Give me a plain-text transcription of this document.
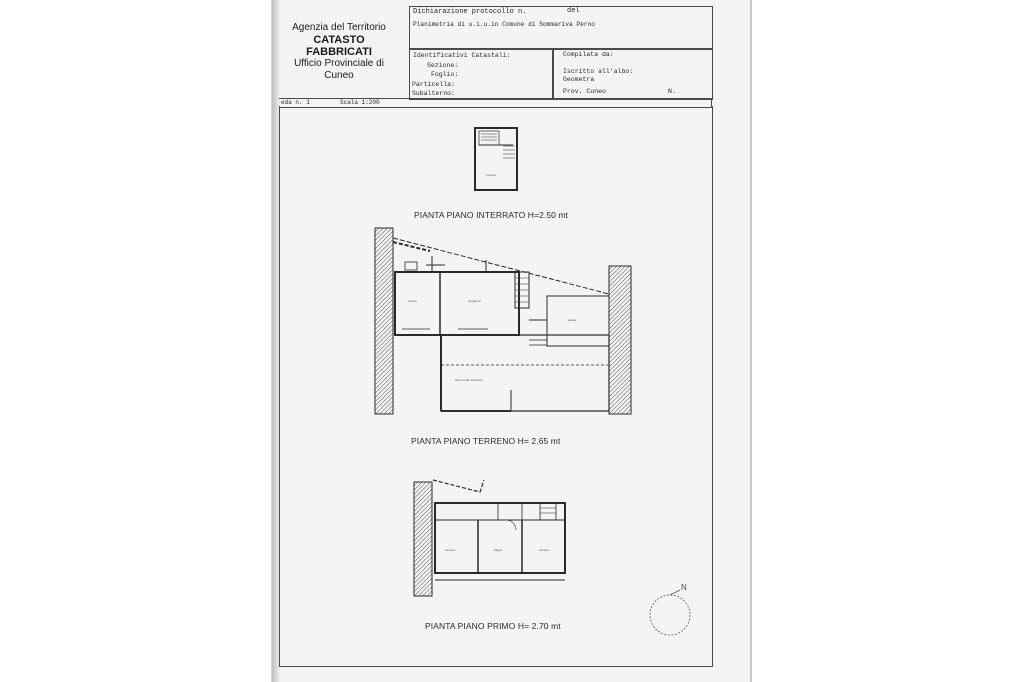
Agenzia del Territorio
CATASTO FABBRICATI
Ufficio Provinciale di
Cuneo
Dichiarazione protocollo n.	del
Planimetria di u.i.u.in Comune di Sommariva Perno
Identificativi Catastali:
Sezione:
Foglio:
Particella:
Subalterno:
Compilata da:
Iscritto all'albo:
Geometra
Prov. Cuneo	N.
eda n. 1	Scala 1:200
cantina
cucina	soggiorno
tettoia
area cortile esclusivo
camera	bagno	camera
N
PIANTA PIANO INTERRATO H=2.50 mt
PIANTA PIANO TERRENO H= 2.65 mt
PIANTA PIANO PRIMO H= 2.70 mt
